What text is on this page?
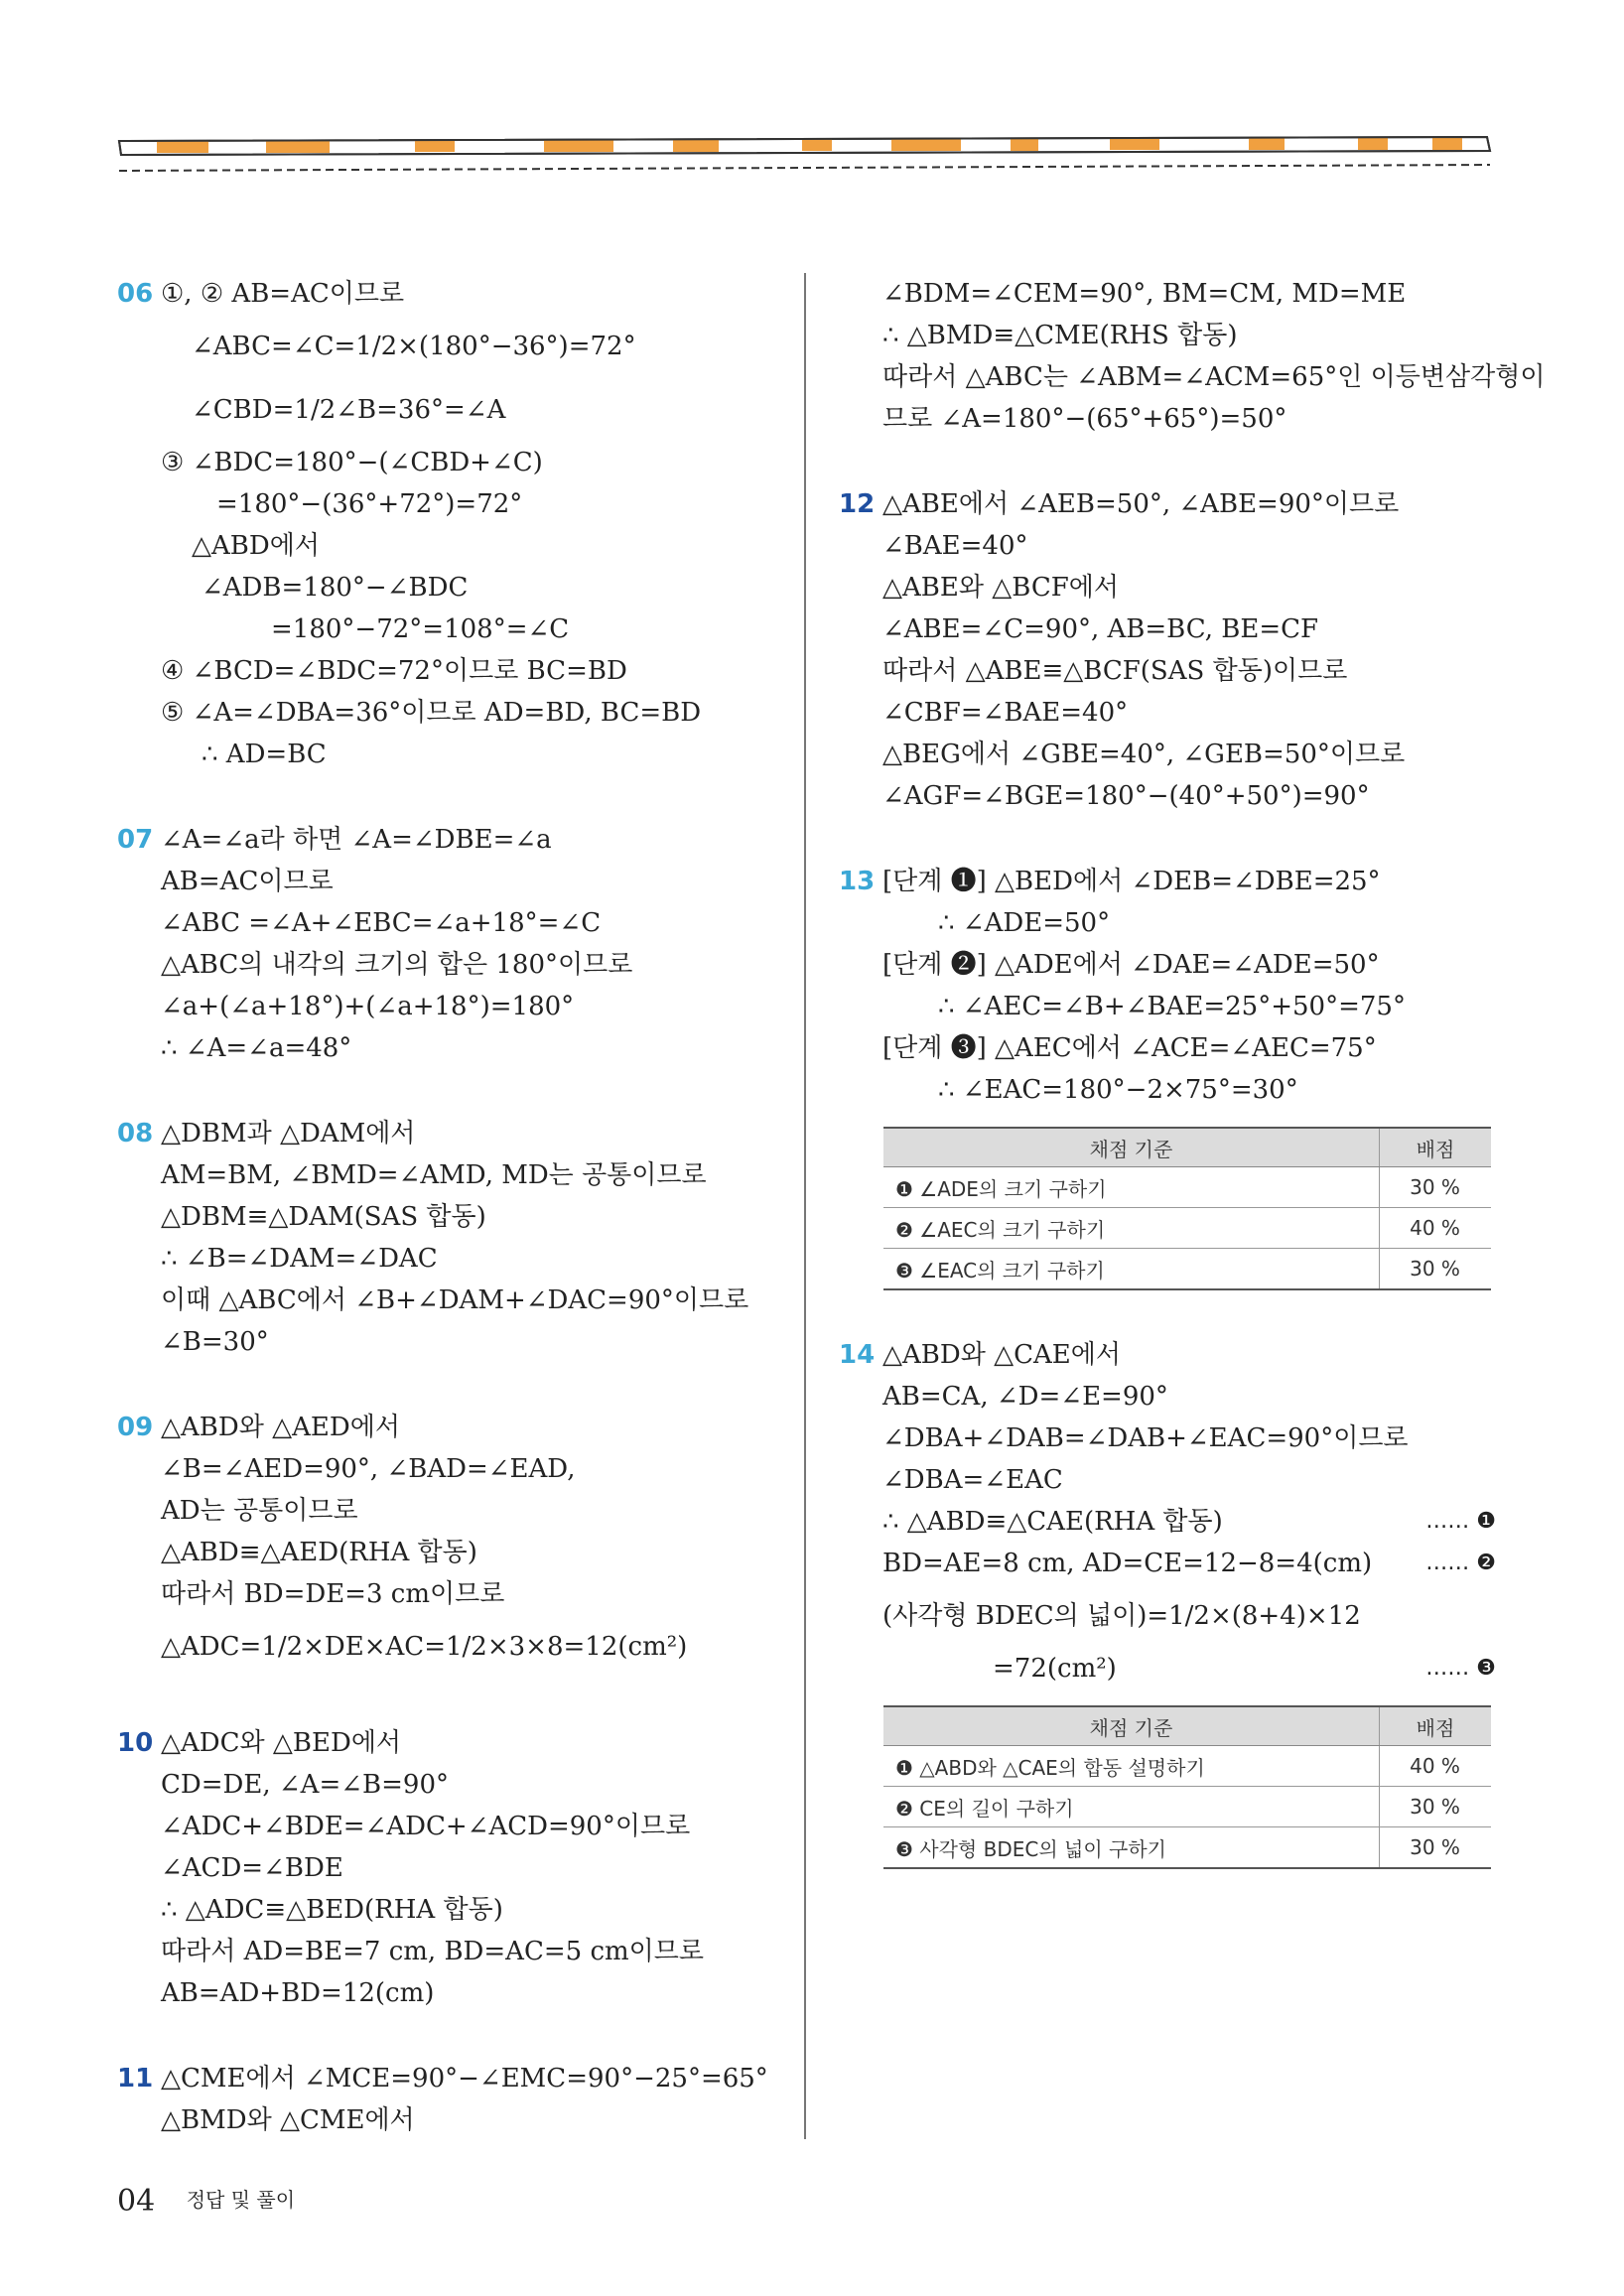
06 ①, ② AB=AC이므로
∠ABC=∠C=1/2×(180°−36°)=72°
∠CBD=1/2∠B=36°=∠A
③ ∠BDC=180°−(∠CBD+∠C)
=180°−(36°+72°)=72°
△ABD에서
∠ADB=180°−∠BDC
=180°−72°=108°=∠C
④ ∠BCD=∠BDC=72°이므로 BC=BD
⑤ ∠A=∠DBA=36°이므로 AD=BD, BC=BD
∴ AD=BC
07 ∠A=∠a라 하면 ∠A=∠DBE=∠a
AB=AC이므로
∠ABC =∠A+∠EBC=∠a+18°=∠C
△ABC의 내각의 크기의 합은 180°이므로
∠a+(∠a+18°)+(∠a+18°)=180°
∴ ∠A=∠a=48°
08 △DBM과 △DAM에서
AM=BM, ∠BMD=∠AMD, MD는 공통이므로
△DBM≡△DAM(SAS 합동)
∴ ∠B=∠DAM=∠DAC
이때 △ABC에서 ∠B+∠DAM+∠DAC=90°이므로
∠B=30°
09 △ABD와 △AED에서
∠B=∠AED=90°, ∠BAD=∠EAD,
AD는 공통이므로
△ABD≡△AED(RHA 합동)
따라서 BD=DE=3 cm이므로
△ADC=1/2×DE×AC=1/2×3×8=12(cm²)
10 △ADC와 △BED에서
CD=DE, ∠A=∠B=90°
∠ADC+∠BDE=∠ADC+∠ACD=90°이므로
∠ACD=∠BDE
∴ △ADC≡△BED(RHA 합동)
따라서 AD=BE=7 cm, BD=AC=5 cm이므로
AB=AD+BD=12(cm)
11 △CME에서 ∠MCE=90°−∠EMC=90°−25°=65°
△BMD와 △CME에서
∠BDM=∠CEM=90°, BM=CM, MD=ME
∴ △BMD≡△CME(RHS 합동)
따라서 △ABC는 ∠ABM=∠ACM=65°인 이등변삼각형이
므로 ∠A=180°−(65°+65°)=50°
12 △ABE에서 ∠AEB=50°, ∠ABE=90°이므로
∠BAE=40°
△ABE와 △BCF에서
∠ABE=∠C=90°, AB=BC, BE=CF
따라서 △ABE≡△BCF(SAS 합동)이므로
∠CBF=∠BAE=40°
△BEG에서 ∠GBE=40°, ∠GEB=50°이므로
∠AGF=∠BGE=180°−(40°+50°)=90°
13 [단계 ❶] △BED에서 ∠DEB=∠DBE=25°
∴ ∠ADE=50°
[단계 ❷] △ADE에서 ∠DAE=∠ADE=50°
∴ ∠AEC=∠B+∠BAE=25°+50°=75°
[단계 ❸] △AEC에서 ∠ACE=∠AEC=75°
∴ ∠EAC=180°−2×75°=30°
채점 기준	배점
❶ ∠ADE의 크기 구하기	30 %
❷ ∠AEC의 크기 구하기	40 %
❸ ∠EAC의 크기 구하기	30 %
14 △ABD와 △CAE에서
AB=CA, ∠D=∠E=90°
∠DBA+∠DAB=∠DAB+∠EAC=90°이므로
∠DBA=∠EAC
∴ △ABD≡△CAE(RHA 합동)	…… ❶
BD=AE=8 cm, AD=CE=12−8=4(cm) …… ❷
(사각형 BDEC의 넓이)=1/2×(8+4)×12
=72(cm²)	…… ❸
채점 기준	배점
❶ △ABD와 △CAE의 합동 설명하기	40 %
❷ CE의 길이 구하기	30 %
❸ 사각형 BDEC의 넓이 구하기	30 %
04 정답 및 풀이
